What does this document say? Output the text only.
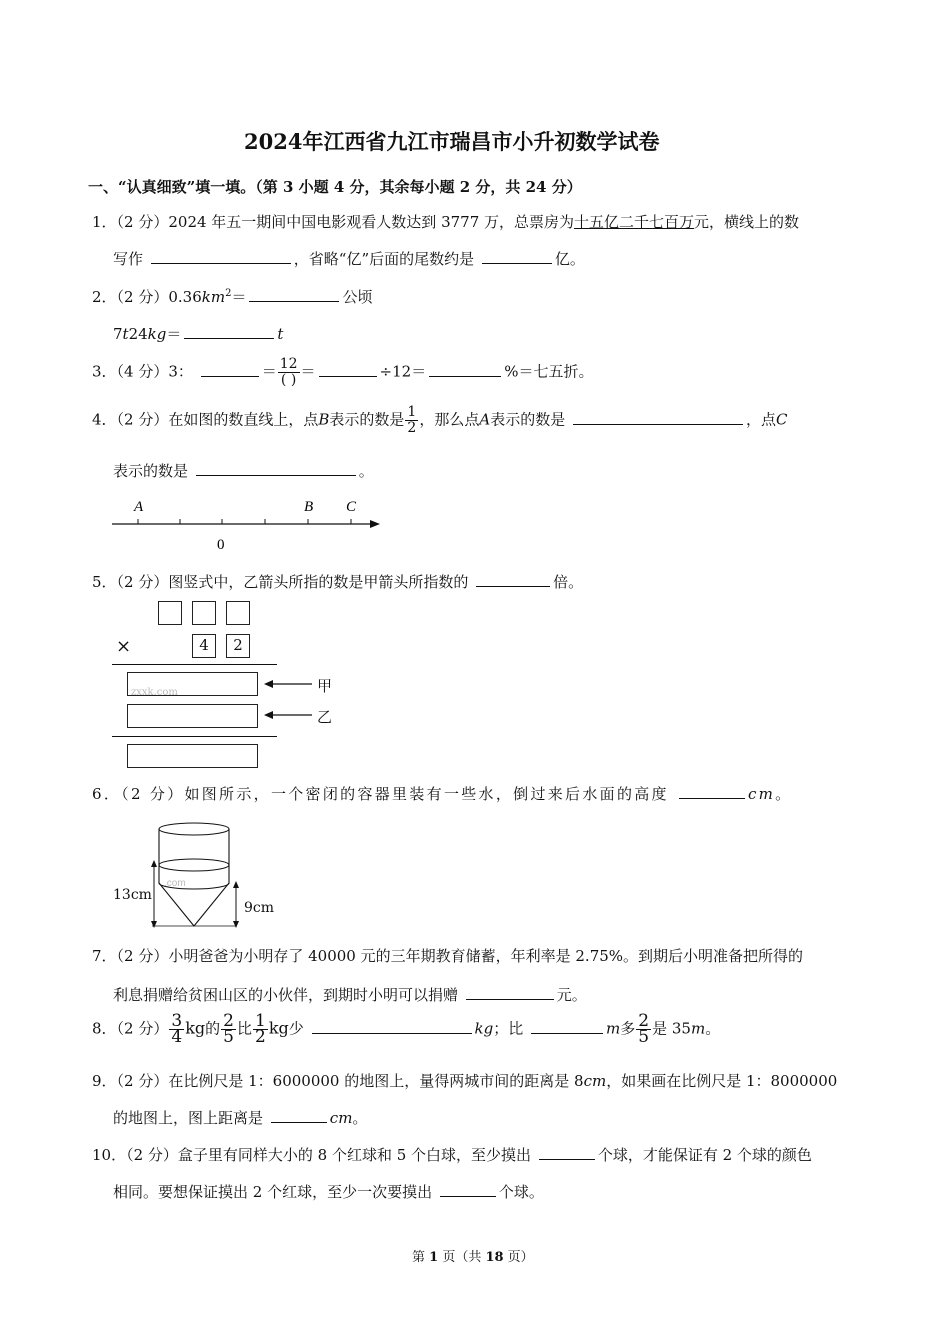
2024年江西省九江市瑞昌市小升初数学试卷
一、“认真细致”填一填。（第 3 小题 4 分，其余每小题 2 分，共 24 分）
1．（2 分）2024 年五一期间中国电影观看人数达到 3777 万，总票房为十五亿二千七百万元，横线上的数
写作	，省略“亿”后面的尾数约是	亿。
2．（2 分）$0.36km^2=$	公顷
7t24kg＝	t
3．（4 分）3：	＝ $\frac{12}{( )}$ ＝	÷12＝	%＝七五折。
4．（2 分）在如图的数直线上，点B表示的数是 $\frac{1}{2}$ ，那么点A表示的数是	，点C
表示的数是	。
A	B C
0
5．（2 分）图竖式中，乙箭头所指的数是甲箭头所指数的	倍。
×	4	2
zxxk.com	甲
乙
6．（2 分）如图所示，一个密闭的容器里装有一些水，倒过来后水面的高度	cm。
.com
13cm
9cm
7．（2 分）小明爸爸为小明存了 40000 元的三年期教育储蓄，年利率是 2.75%。到期后小明准备把所得的
利息捐赠给贫困山区的小伙伴，到期时小明可以捐赠	元。
8．（2 分） $\frac{3}{4}$ kg的 $\frac{2}{5}$ 比 $\frac{1}{2}$ kg少	kg；比	m多 $\frac{2}{5}$ 是 35m。
9．（2 分）在比例尺是 1：6000000 的地图上，量得两城市间的距离是 8cm，如果画在比例尺是 1：8000000
的地图上，图上距离是	cm。
10．（2 分）盒子里有同样大小的 8 个红球和 5 个白球，至少摸出	个球，才能保证有 2 个球的颜色
相同。要想保证摸出 2 个红球，至少一次要摸出	个球。
第 1 页（共 18 页）
